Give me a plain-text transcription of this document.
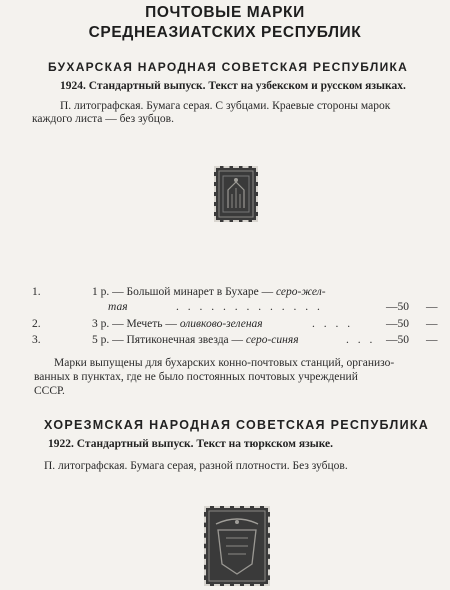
ПОЧТОВЫЕ МАРКИ
СРЕДНЕАЗИАТСКИХ РЕСПУБЛИК
БУХАРСКАЯ НАРОДНАЯ СОВЕТСКАЯ РЕСПУБЛИКА
1924. Стандартный выпуск. Текст на узбекском и русском языках.
П. литографская. Бумага серая. С зубцами. Краевые стороны марок
каждого листа — без зубцов.
1.	1 р. — Большой минарет в Бухаре — серо-жел-
тая	. . . . . . . . . . . . .	—50 —
2.	3 р. — Мечеть — оливково-зеленая	. . . .	—50 —
3.	5 р. — Пятиконечная звезда — серо-синяя	. . . —50 —
Марки выпущены для бухарских конно-почтовых станций, организо-
ванных в пунктах, где не было постоянных почтовых учреждений
СССР.
ХОРЕЗМСКАЯ НАРОДНАЯ СОВЕТСКАЯ РЕСПУБЛИКА
1922. Стандартный выпуск. Текст на тюркском языке.
П. литографская. Бумага серая, разной плотности. Без зубцов.
